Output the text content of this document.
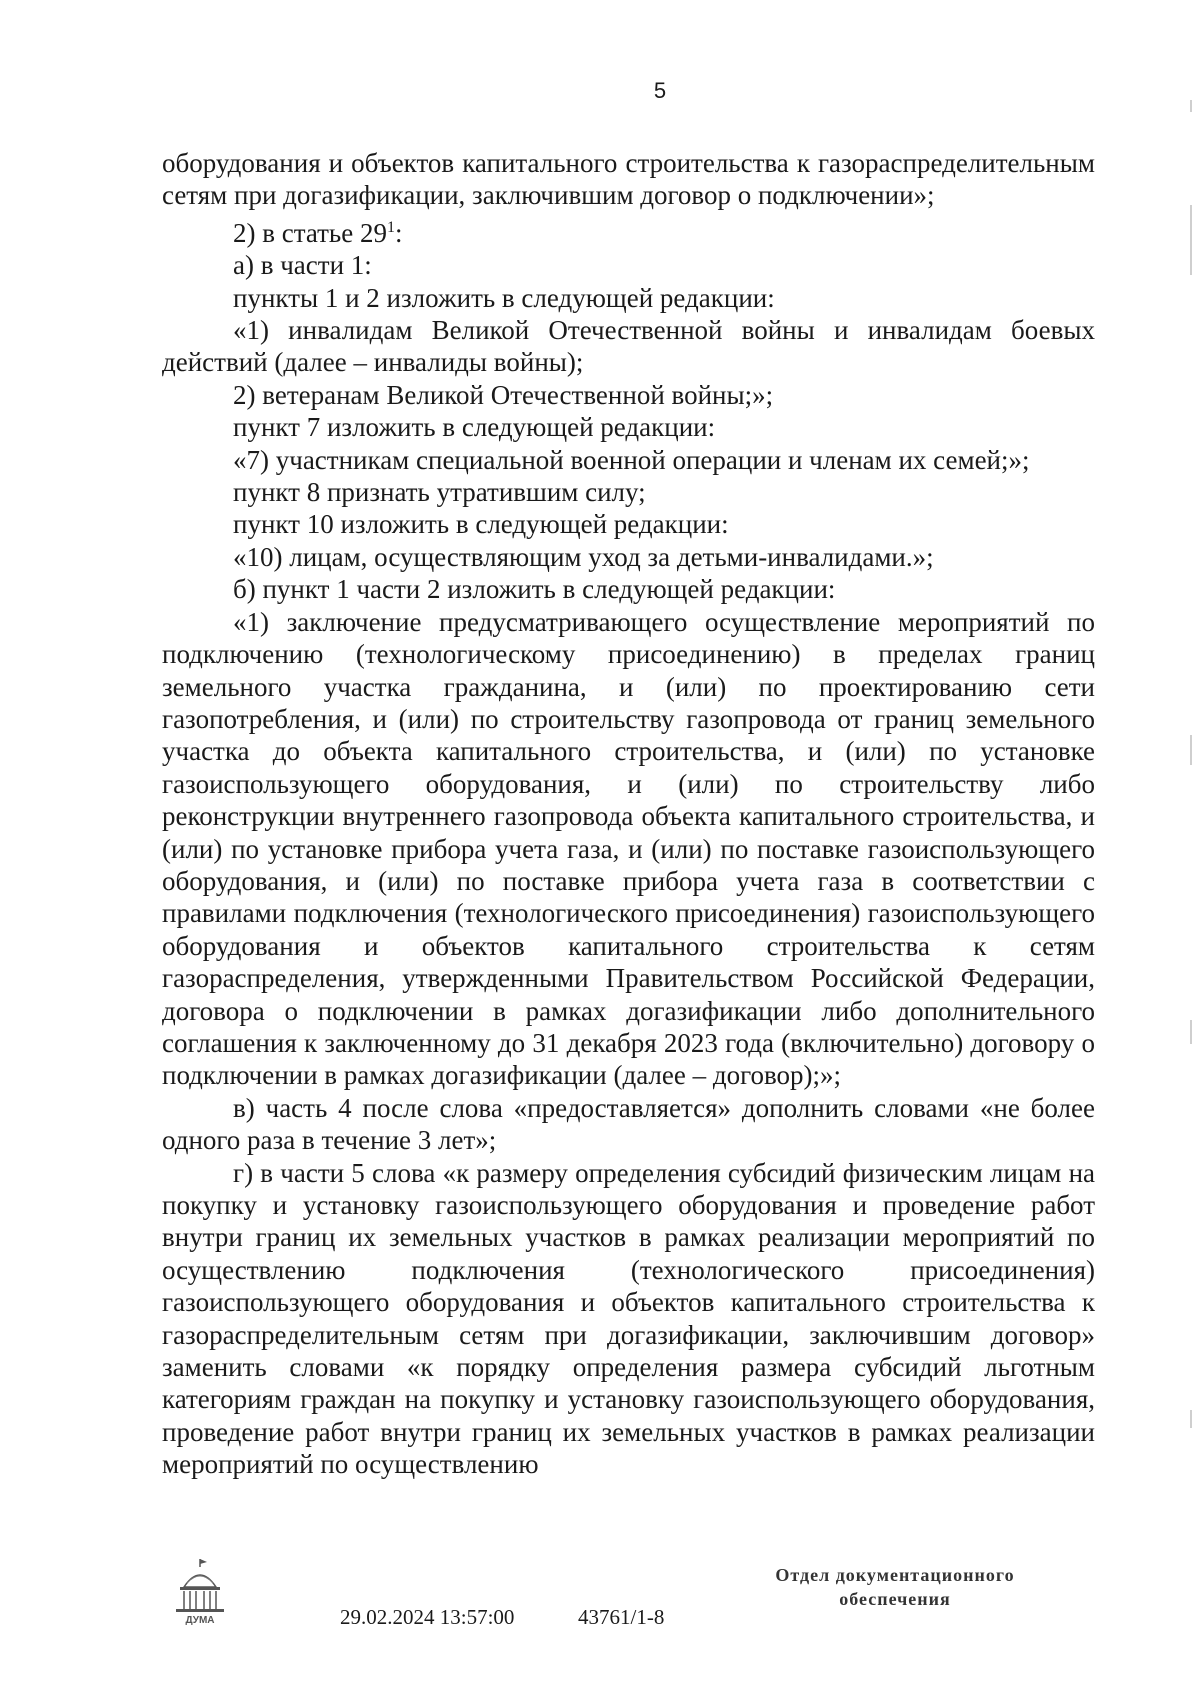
5

оборудования и объектов капитального строительства к газораспределительным сетям при догазификации, заключившим договор о подключении»;

2) в статье $29^1$:

а) в части 1:

пункты 1 и 2 изложить в следующей редакции:

«1) инвалидам Великой Отечественной войны и инвалидам боевых действий (далее – инвалиды войны);

2) ветеранам Великой Отечественной войны;»;

пункт 7 изложить в следующей редакции:

«7) участникам специальной военной операции и членам их семей;»;

пункт 8 признать утратившим силу;

пункт 10 изложить в следующей редакции:

«10) лицам, осуществляющим уход за детьми-инвалидами.»;

б) пункт 1 части 2 изложить в следующей редакции:

«1) заключение предусматривающего осуществление мероприятий по подключению (технологическому присоединению) в пределах границ земельного участка гражданина, и (или) по проектированию сети газопотребления, и (или) по строительству газопровода от границ земельного участка до объекта капитального строительства, и (или) по установке газоиспользующего оборудования, и (или) по строительству либо реконструкции внутреннего газопровода объекта капитального строительства, и (или) по установке прибора учета газа, и (или) по поставке газоиспользующего оборудования, и (или) по поставке прибора учета газа в соответствии с правилами подключения (технологического присоединения) газоиспользующего оборудования и объектов капитального строительства к сетям газораспределения, утвержденными Правительством Российской Федерации, договора о подключении в рамках догазификации либо дополнительного соглашения к заключенному до 31 декабря 2023 года (включительно) договору о подключении в рамках догазификации (далее – договор);»;

в) часть 4 после слова «предоставляется» дополнить словами «не более одного раза в течение 3 лет»;

г) в части 5 слова «к размеру определения субсидий физическим лицам на покупку и установку газоиспользующего оборудования и проведение работ внутри границ их земельных участков в рамках реализации мероприятий по осуществлению подключения (технологического присоединения) газоиспользующего оборудования и объектов капитального строительства к газораспределительным сетям при догазификации, заключившим договор» заменить словами «к порядку определения размера субсидий льготным категориям граждан на покупку и установку газоиспользующего оборудования, проведение работ внутри границ их земельных участков в рамках реализации мероприятий по осуществлению

ДУМА	29.02.2024 13:57:00	43761/1-8
Отдел документационного
обеспечения
